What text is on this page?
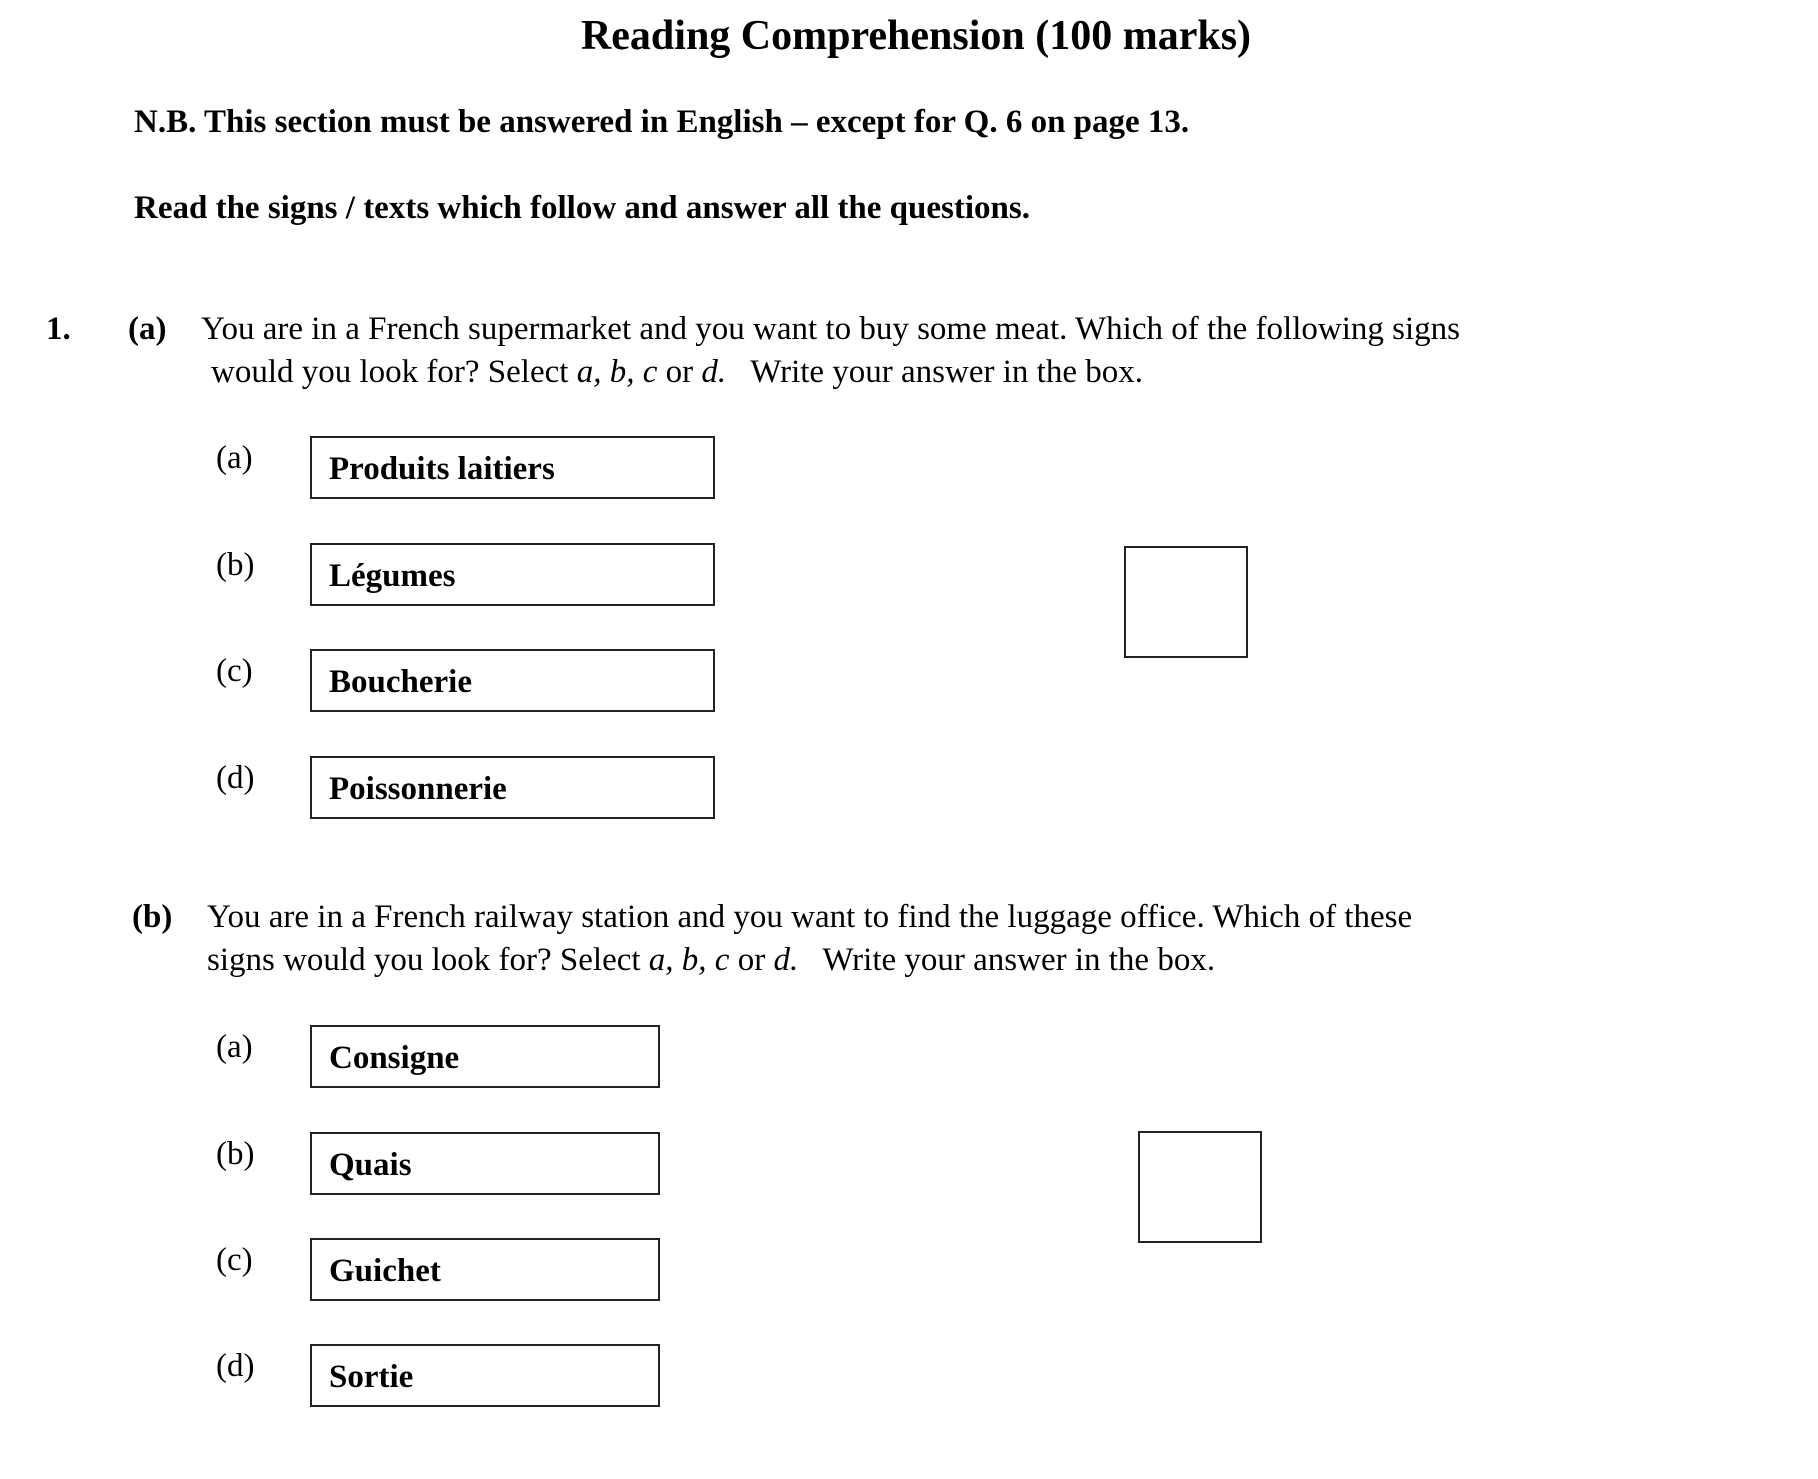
Reading Comprehension (100 marks)
N.B. This section must be answered in English – except for Q. 6 on page 13.
Read the signs / texts which follow and answer all the questions.
1. (a) You are in a French supermarket and you want to buy some meat. Which of the following signs
would you look for? Select a, b, c or d.   Write your answer in the box.
(a)	Produits laitiers
(b)	Légumes
(c)	Boucherie
(d)	Poissonnerie
(b) You are in a French railway station and you want to find the luggage office. Which of these
signs would you look for? Select a, b, c or d.   Write your answer in the box.
(a)	Consigne
(b)	Quais
(c)	Guichet
(d)	Sortie
